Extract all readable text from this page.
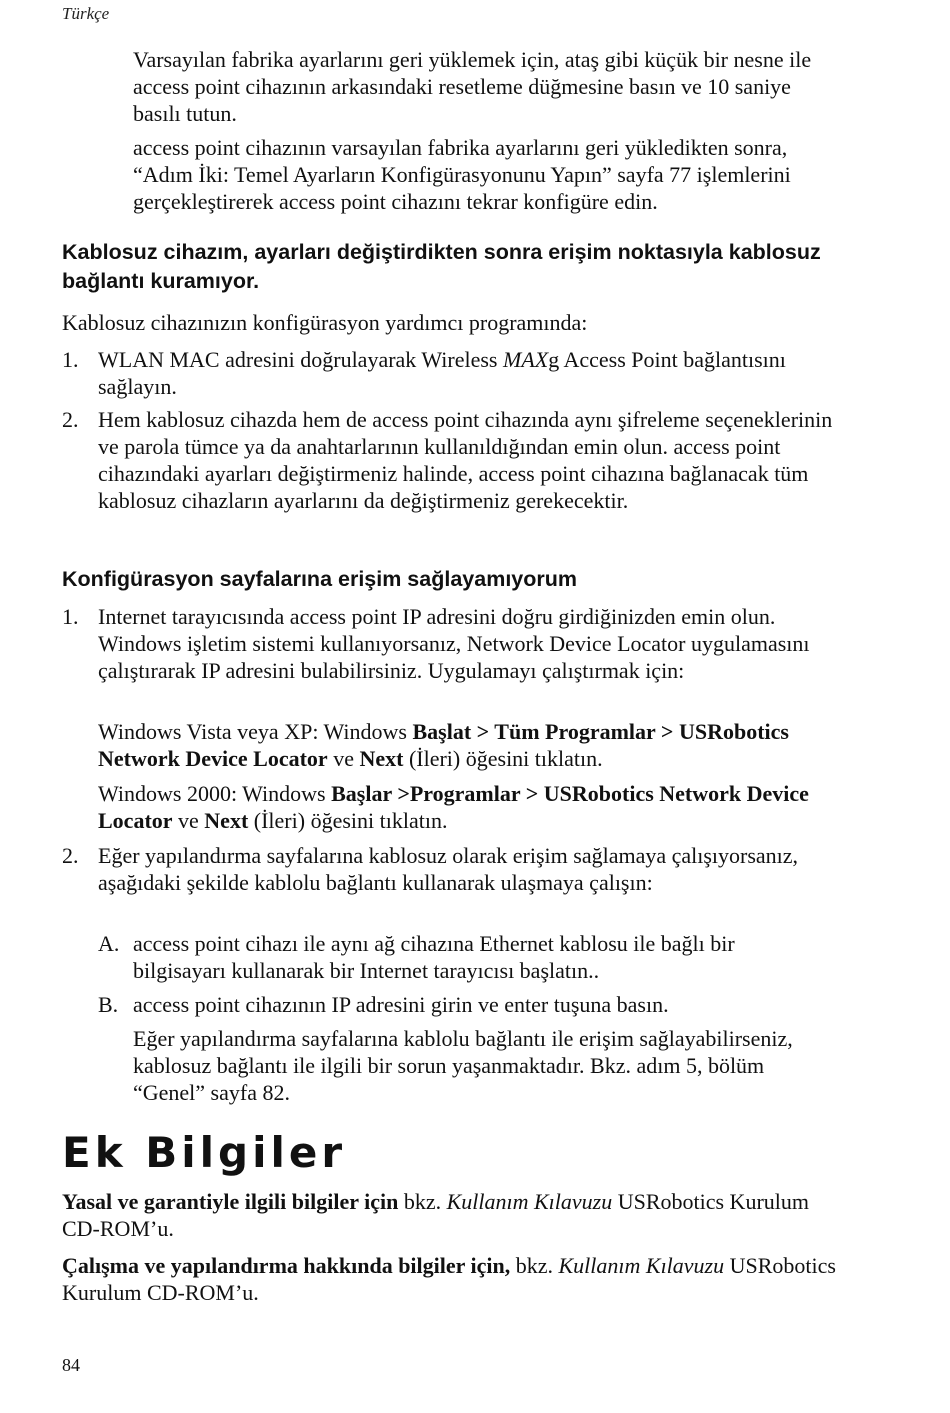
Türkçe

Varsayılan fabrika ayarlarını geri yüklemek için, ataş gibi küçük bir nesne ile access point cihazının arkasındaki resetleme düğmesine basın ve 10 saniye basılı tutun.

access point cihazının varsayılan fabrika ayarlarını geri yükledikten sonra, “Adım İki: Temel Ayarların Konfigürasyonunu Yapın” sayfa 77 işlemlerini gerçekleştirerek access point cihazını tekrar konfigüre edin.

Kablosuz cihazım, ayarları değiştirdikten sonra erişim noktasıyla kablosuz bağlantı kuramıyor.

Kablosuz cihazınızın konfigürasyon yardımcı programında:

1. WLAN MAC adresini doğrulayarak Wireless MAXg Access Point bağlantısını sağlayın.
2. Hem kablosuz cihazda hem de access point cihazında aynı şifreleme seçeneklerinin ve parola tümce ya da anahtarlarının kullanıldığından emin olun. access point cihazındaki ayarları değiştirmeniz halinde, access point cihazına bağlanacak tüm kablosuz cihazların ayarlarını da değiştirmeniz gerekecektir.
Konfigürasyon sayfalarına erişim sağlayamıyorum
1. Internet tarayıcısında access point IP adresini doğru girdiğinizden emin olun. Windows işletim sistemi kullanıyorsanız, Network Device Locator uygulamasını çalıştırarak IP adresini bulabilirsiniz. Uygulamayı çalıştırmak için:

Windows Vista veya XP: Windows Başlat > Tüm Programlar > USRobotics Network Device Locator ve Next (İleri) öğesini tıklatın.

Windows 2000: Windows Başlar >Programlar > USRobotics Network Device Locator ve Next (İleri) öğesini tıklatın.

2. Eğer yapılandırma sayfalarına kablosuz olarak erişim sağlamaya çalışıyorsanız, aşağıdaki şekilde kablolu bağlantı kullanarak ulaşmaya çalışın:
A. access point cihazı ile aynı ağ cihazına Ethernet kablosu ile bağlı bir bilgisayarı kullanarak bir Internet tarayıcısı başlatın..
B. access point cihazının IP adresini girin ve enter tuşuna basın.

Eğer yapılandırma sayfalarına kablolu bağlantı ile erişim sağlayabilirseniz, kablosuz bağlantı ile ilgili bir sorun yaşanmaktadır. Bkz. adım 5, bölüm “Genel” sayfa 82.

Ek Bilgiler

Yasal ve garantiyle ilgili bilgiler için bkz. Kullanım Kılavuzu USRobotics Kurulum CD-ROM’u.

Çalışma ve yapılandırma hakkında bilgiler için, bkz. Kullanım Kılavuzu USRobotics Kurulum CD-ROM’u.

84
